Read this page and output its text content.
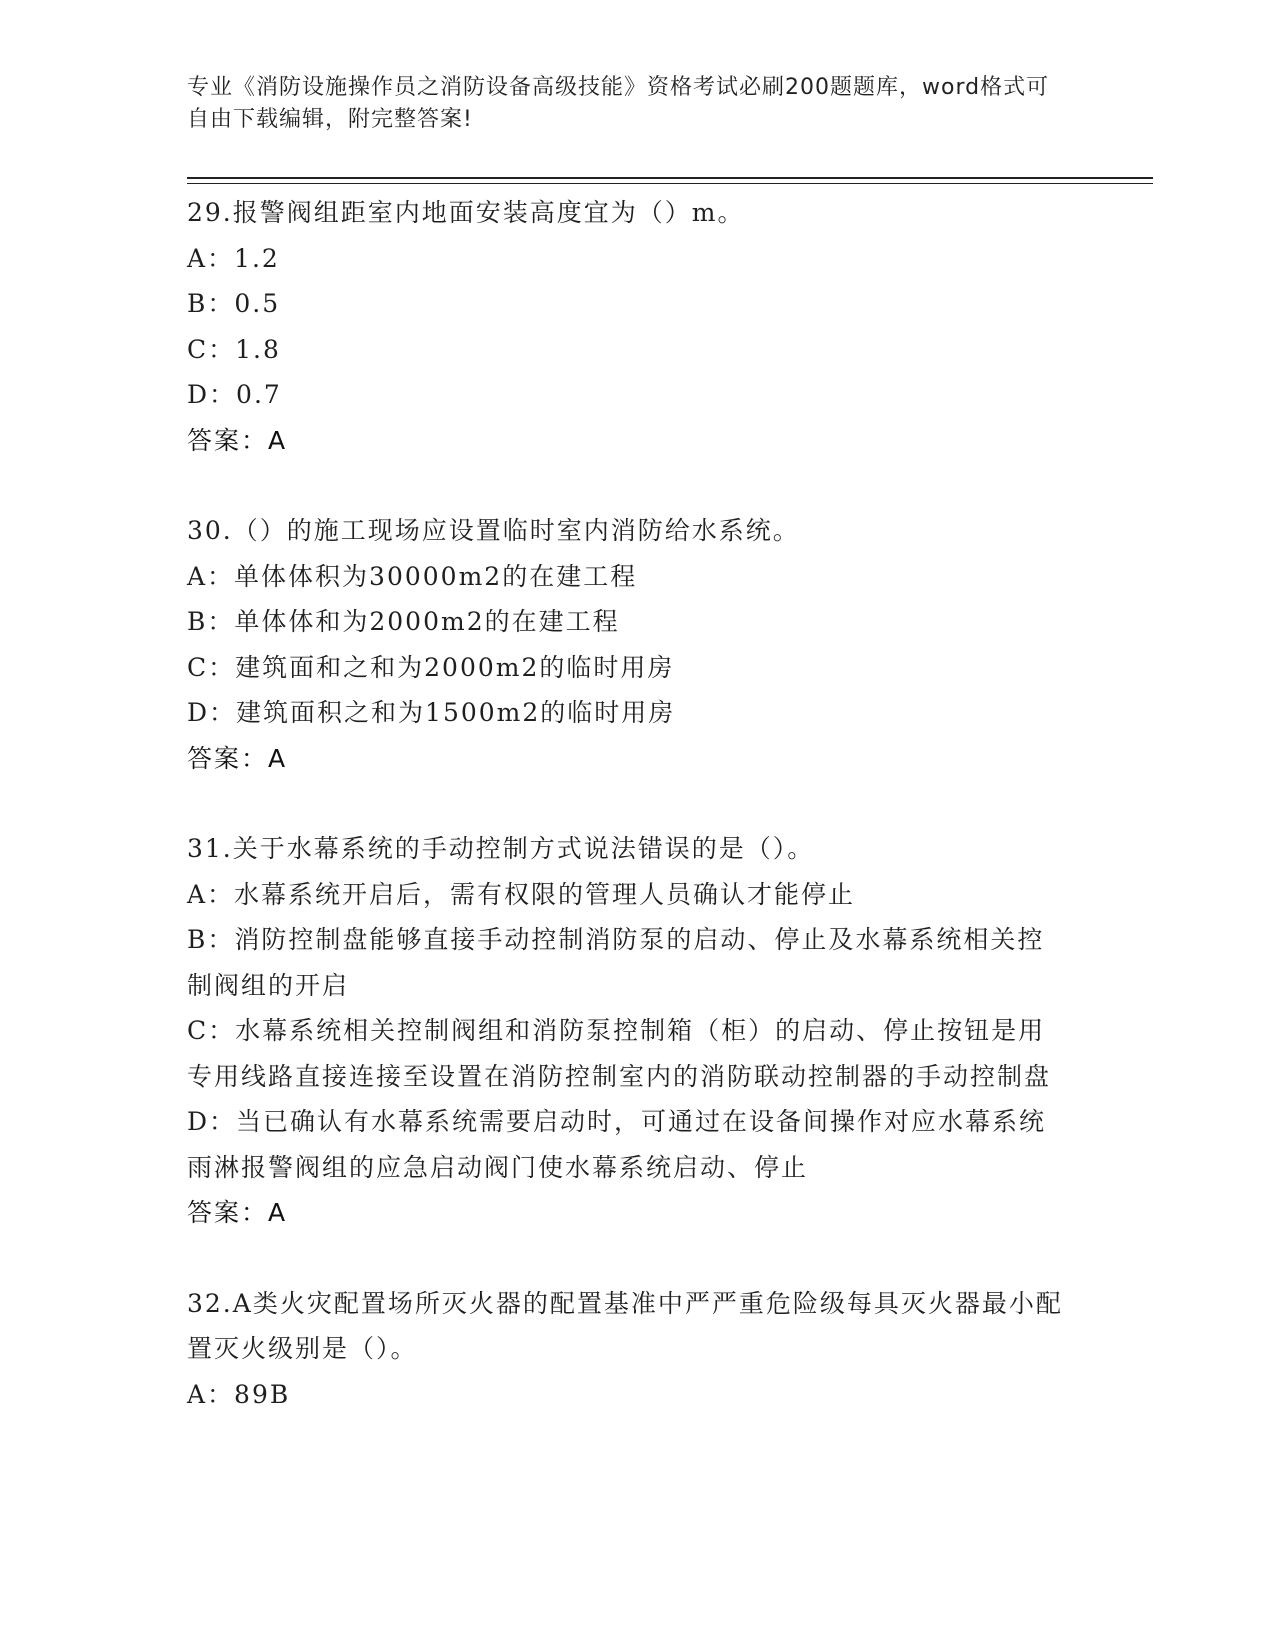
专业《消防设施操作员之消防设备高级技能》资格考试必刷200题题库，word格式可自由下载编辑，附完整答案!
29.报警阀组距室内地面安装高度宜为（）m。
A：1.2
B：0.5
C：1.8
D：0.7
答案：A
30.（）的施工现场应设置临时室内消防给水系统。
A：单体体积为30000m2的在建工程
B：单体体和为2000m2的在建工程
C：建筑面和之和为2000m2的临时用房
D：建筑面积之和为1500m2的临时用房
答案：A
31.关于水幕系统的手动控制方式说法错误的是（）。
A：水幕系统开启后，需有权限的管理人员确认才能停止
B：消防控制盘能够直接手动控制消防泵的启动、停止及水幕系统相关控制阀组的开启
C：水幕系统相关控制阀组和消防泵控制箱（柜）的启动、停止按钮是用专用线路直接连接至设置在消防控制室内的消防联动控制器的手动控制盘
D：当已确认有水幕系统需要启动时，可通过在设备间操作对应水幕系统雨淋报警阀组的应急启动阀门使水幕系统启动、停止
答案：A
32.A类火灾配置场所灭火器的配置基准中严严重危险级每具灭火器最小配置灭火级别是（）。
A：89B
